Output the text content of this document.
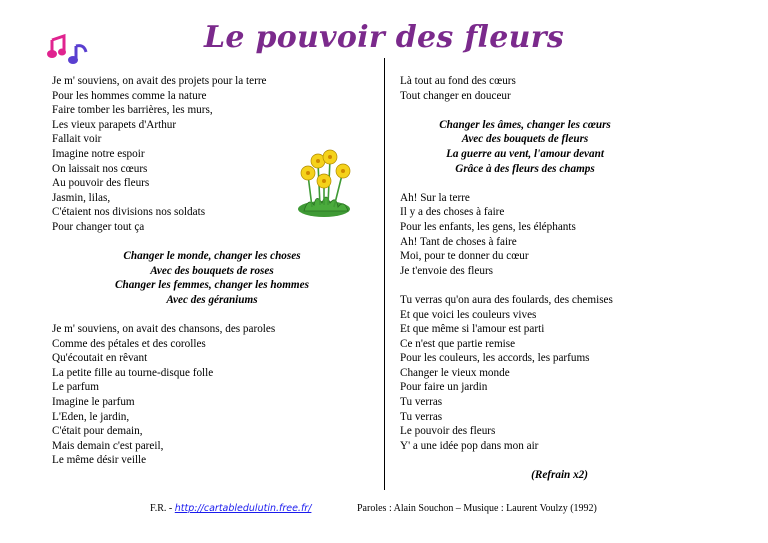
Le pouvoir des fleurs
Je m' souviens, on avait des projets pour la terre
Pour les hommes comme la nature
Faire tomber les barrières, les murs,
Les vieux parapets d'Arthur
Fallait voir
Imagine notre espoir
On laissait nos cœurs
Au pouvoir des fleurs
Jasmin, lilas,
C'étaient nos divisions nos soldats
Pour changer tout ça
Changer le monde, changer les choses
Avec des bouquets de roses
Changer les femmes, changer les hommes
Avec des géraniums
Je m' souviens, on avait des chansons, des paroles
Comme des pétales et des corolles
Qu'écoutait en rêvant
La petite fille au tourne-disque folle
Le parfum
Imagine le parfum
L'Eden, le jardin,
C'était pour demain,
Mais demain c'est pareil,
Le même désir veille
Là tout au fond des cœurs
Tout changer en douceur
Changer les âmes, changer les cœurs
Avec des bouquets de fleurs
La guerre au vent, l'amour devant
Grâce à des fleurs des champs
Ah! Sur la terre
Il y a des choses à faire
Pour les enfants, les gens, les éléphants
Ah! Tant de choses à faire
Moi, pour te donner du cœur
Je t'envoie des fleurs
Tu verras qu'on aura des foulards, des chemises
Et que voici les couleurs vives
Et que même si l'amour est parti
Ce n'est que partie remise
Pour les couleurs, les accords, les parfums
Changer le vieux monde
Pour faire un jardin
Tu verras
Tu verras
Le pouvoir des fleurs
Y' a une idée pop dans mon air
(Refrain x2)
F.R. - http://cartabledulutin.free.fr/	Paroles : Alain Souchon – Musique : Laurent Voulzy (1992)
